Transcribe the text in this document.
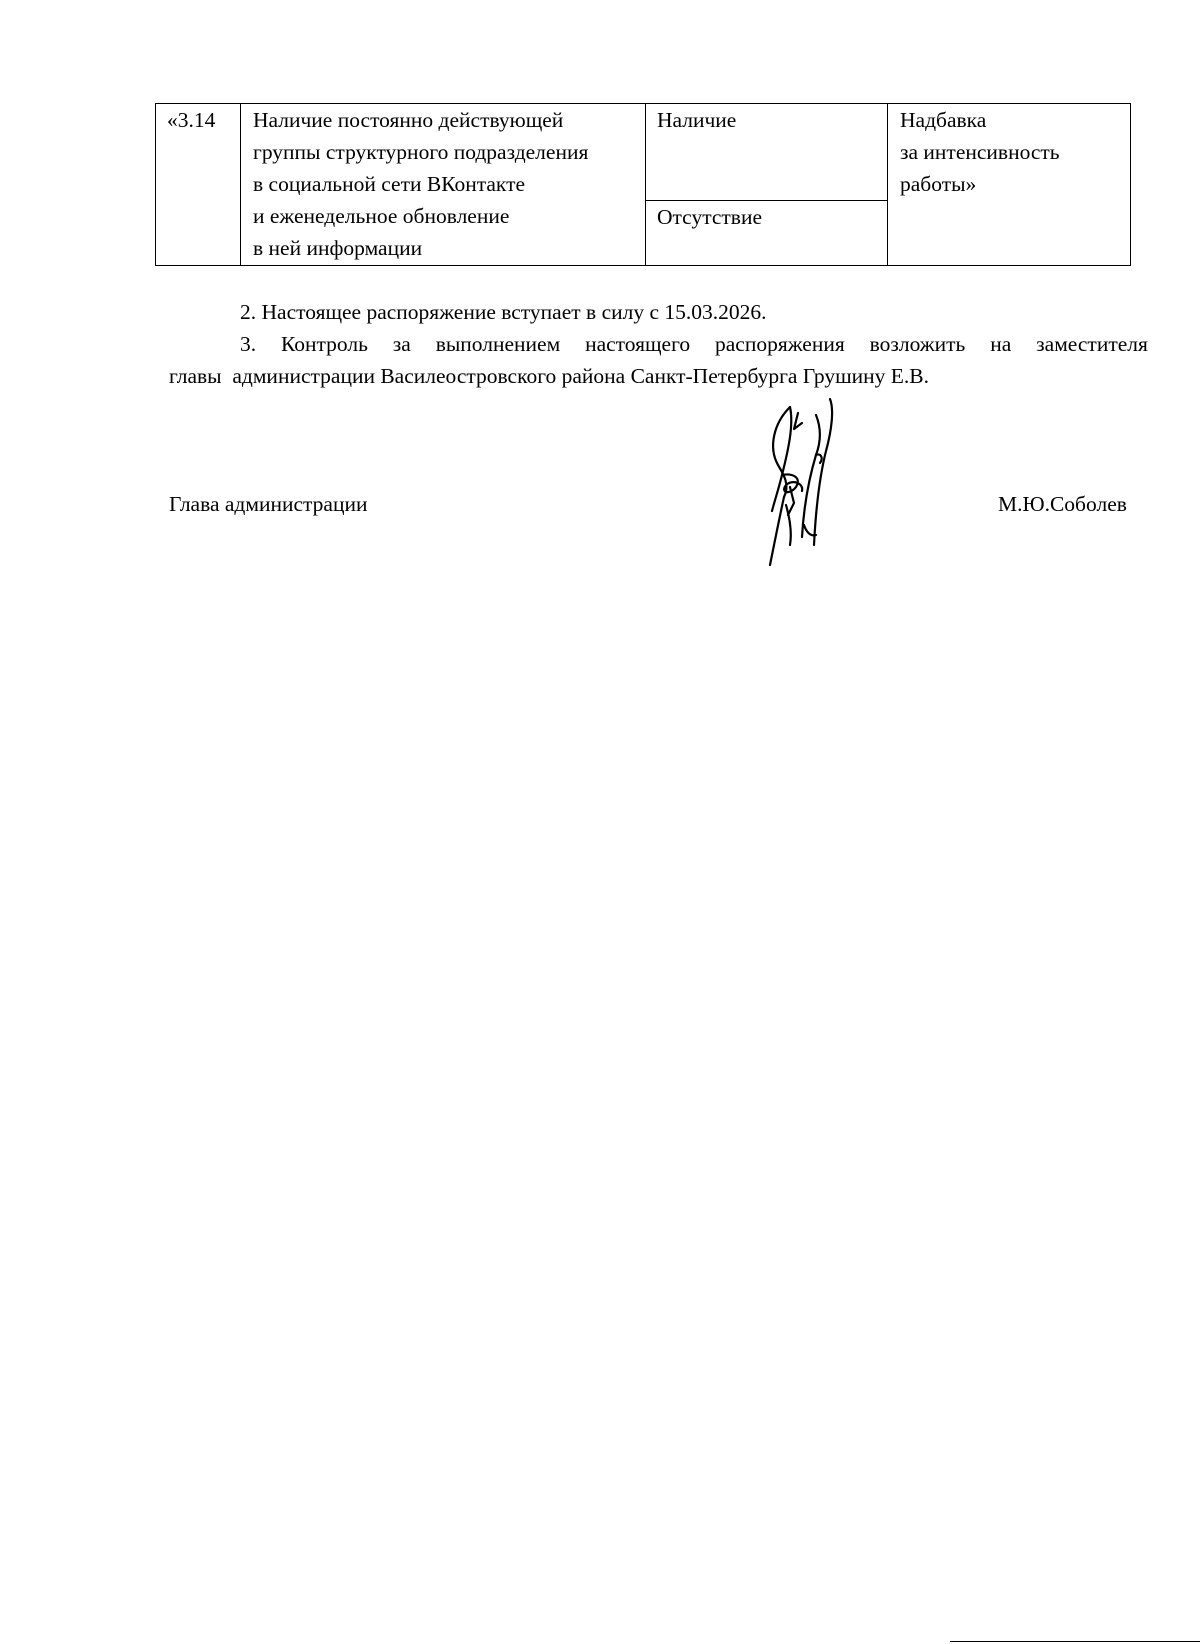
«3.14 Наличие постоянно действующей
группы структурного подразделения
в социальной сети ВКонтакте
и еженедельное обновление
в ней информации
Наличие
Отсутствие
Надбавка
за интенсивность
работы»
2. Настоящее распоряжение вступает в силу с 15.03.2026.
3. Контроль за выполнением настоящего распоряжения возложить на заместителя
главы  администрации Василеостровского района Санкт-Петербурга Грушину Е.В.
Глава администрации	М.Ю.Соболев
